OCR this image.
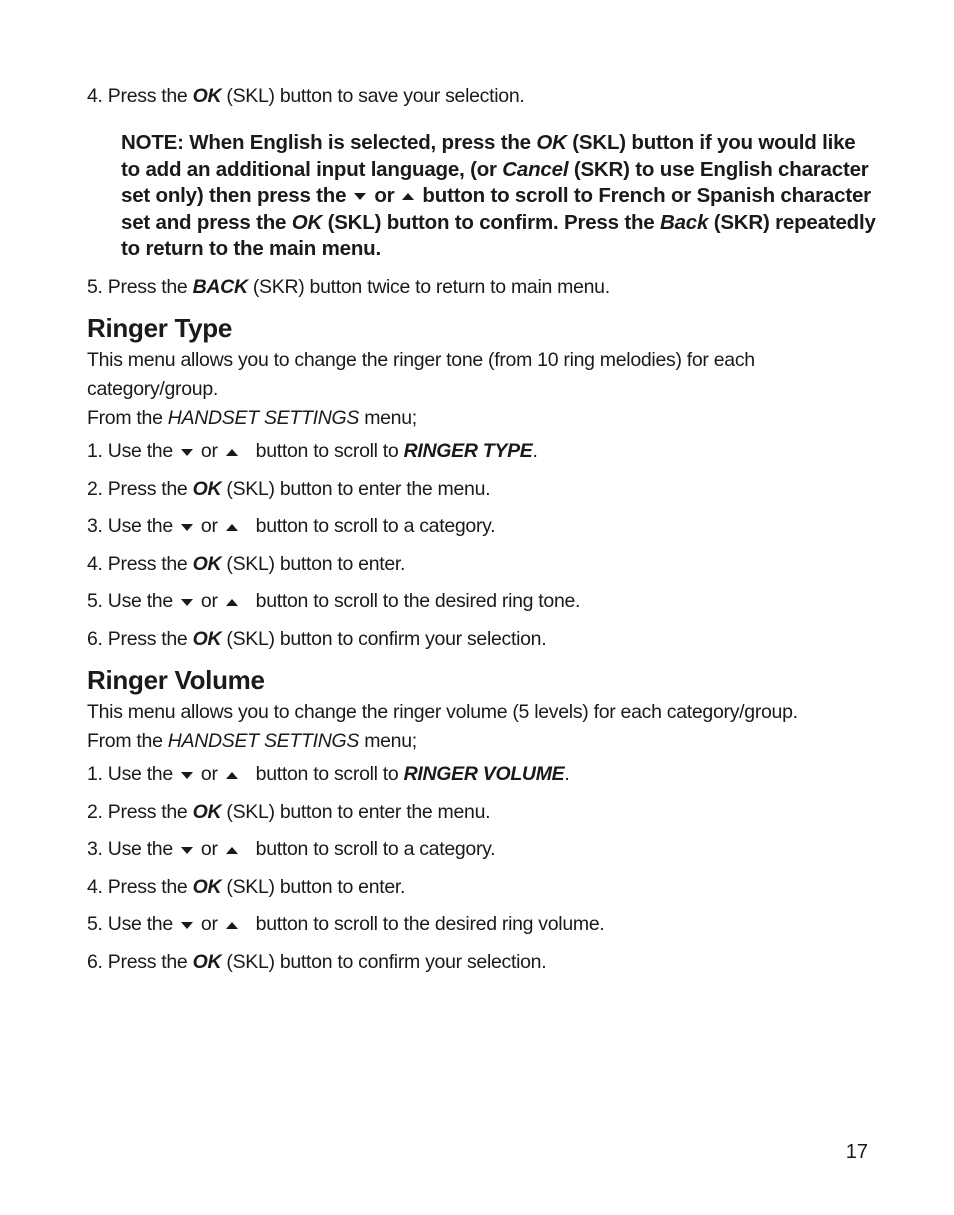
4. Press the OK (SKL) button to save your selection.

NOTE: When English is selected, press the OK (SKL) button if you would like to add an additional input language, (or Cancel (SKR) to use English character set only) then press the or button to scroll to French or Spanish character set and press the OK (SKL) button to confirm. Press the Back (SKR) repeatedly to return to the main menu.

5. Press the BACK (SKR) button twice to return to main menu.

Ringer Type

This menu allows you to change the ringer tone (from 10 ring melodies) for each category/group.

From the HANDSET SETTINGS menu;

1. Use the or button to scroll to RINGER TYPE.

2. Press the OK (SKL) button to enter the menu.

3. Use the or button to scroll to a category.

4. Press the OK (SKL) button to enter.

5. Use the or button to scroll to the desired ring tone.

6. Press the OK (SKL) button to confirm your selection.

Ringer Volume

This menu allows you to change the ringer volume (5 levels) for each category/group.

From the HANDSET SETTINGS menu;

1. Use the or button to scroll to RINGER VOLUME.

2. Press the OK (SKL) button to enter the menu.

3. Use the or button to scroll to a category.

4. Press the OK (SKL) button to enter.

5. Use the or button to scroll to the desired ring volume.

6. Press the OK (SKL) button to confirm your selection.

17
